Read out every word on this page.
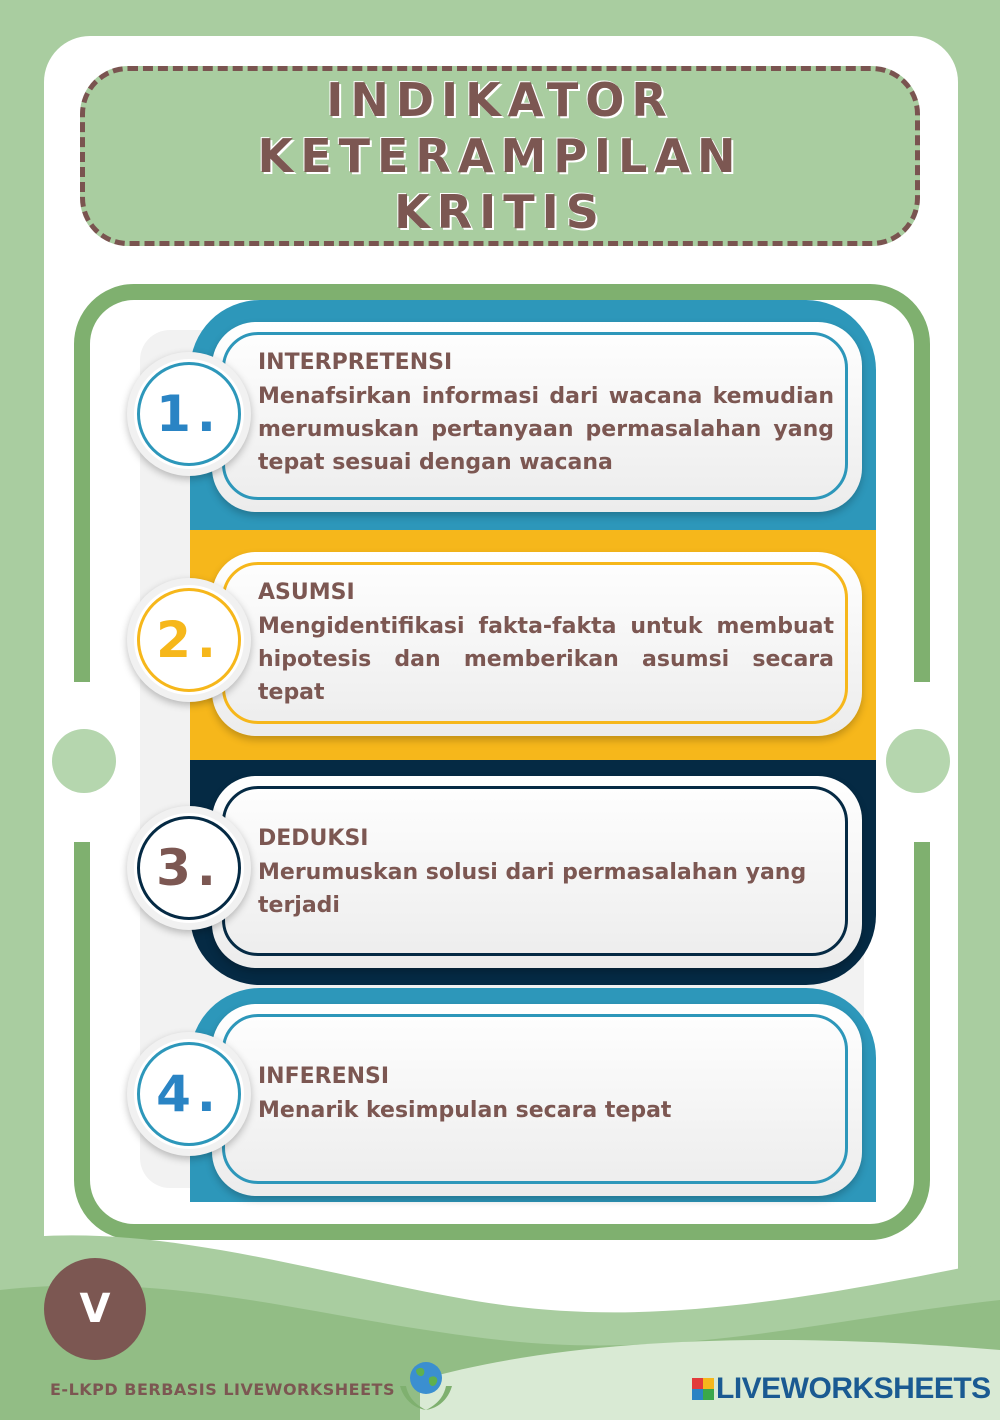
INDIKATOR KETERAMPILAN
KRITIS
1.
INTERPRETENSI
Menafsirkan informasi dari wacana kemudian merumuskan pertanyaan permasalahan yang tepat sesuai dengan wacana
2.
ASUMSI
Mengidentifikasi fakta-fakta untuk membuat hipotesis dan memberikan asumsi secara tepat
3.
DEDUKSI
Merumuskan solusi dari permasalahan yang terjadi
4.	INFERENSI
Menarik kesimpulan secara tepat
V
E-LKPD BERBASIS LIVEWORKSHEETS	LIVEWORKSHEETS
